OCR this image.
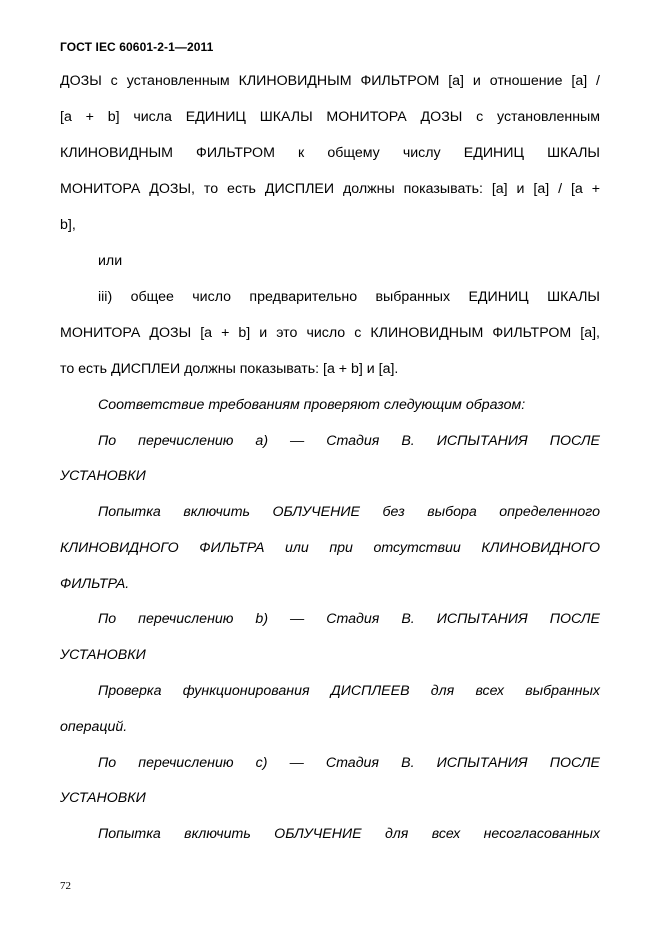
ГОСТ IEC 60601-2-1—2011
ДОЗЫ с установленным КЛИНОВИДНЫМ ФИЛЬТРОМ [a] и отношение [a] /
[a + b] числа ЕДИНИЦ ШКАЛЫ МОНИТОРА ДОЗЫ с установленным
КЛИНОВИДНЫМ ФИЛЬТРОМ к общему числу ЕДИНИЦ ШКАЛЫ
МОНИТОРА ДОЗЫ, то есть ДИСПЛЕИ должны показывать: [a] и [a] / [a +
b],
или
iii) общее число предварительно выбранных ЕДИНИЦ ШКАЛЫ
МОНИТОРА ДОЗЫ [a + b] и это число с КЛИНОВИДНЫМ ФИЛЬТРОМ [a],
то есть ДИСПЛЕИ должны показывать: [a + b] и [a].
Соответствие требованиям проверяют следующим образом:
По перечислению a) — Стадия В. ИСПЫТАНИЯ ПОСЛЕ
УСТАНОВКИ
Попытка включить ОБЛУЧЕНИЕ без выбора определенного
КЛИНОВИДНОГО ФИЛЬТРА или при отсутствии КЛИНОВИДНОГО
ФИЛЬТРА.
По перечислению b) — Стадия В. ИСПЫТАНИЯ ПОСЛЕ
УСТАНОВКИ
Проверка функционирования ДИСПЛЕЕВ для всех выбранных
операций.
По перечислению c) — Стадия В. ИСПЫТАНИЯ ПОСЛЕ
УСТАНОВКИ
Попытка включить ОБЛУЧЕНИЕ для всех несогласованных
72
